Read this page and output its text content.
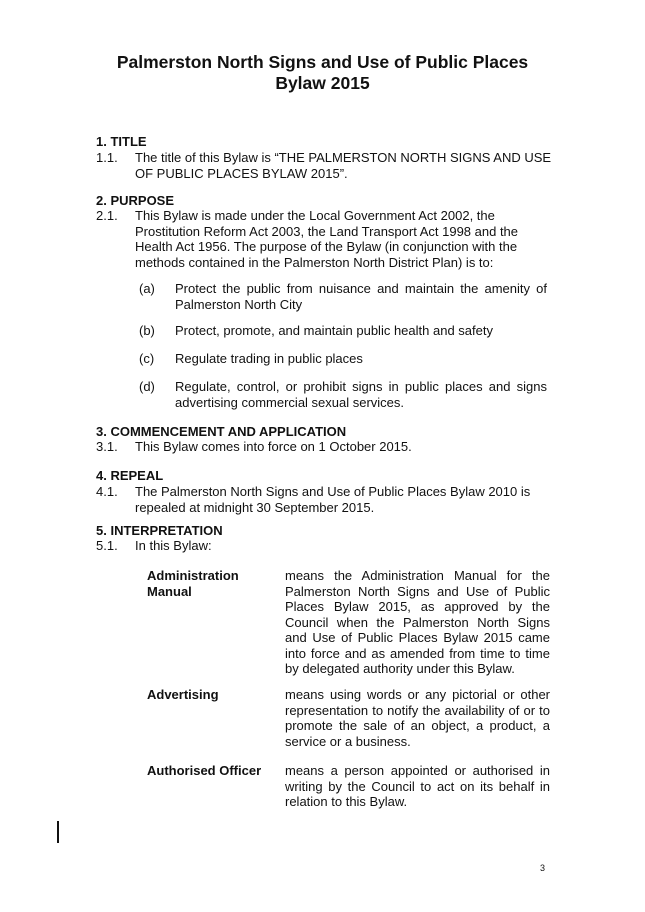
Palmerston North Signs and Use of Public Places
Bylaw 2015
1. TITLE
1.1. The title of this Bylaw is “THE PALMERSTON NORTH SIGNS AND USE
OF PUBLIC PLACES BYLAW 2015”.
2. PURPOSE
2.1. This Bylaw is made under the Local Government Act 2002, the
Prostitution Reform Act 2003, the Land Transport Act 1998 and the
Health Act 1956. The purpose of the Bylaw (in conjunction with the
methods contained in the Palmerston North District Plan) is to:
(a) Protect the public from nuisance and maintain the amenity of Palmerston North City
(b) Protect, promote, and maintain public health and safety
(c) Regulate trading in public places
(d) Regulate, control, or prohibit signs in public places and signs advertising commercial sexual services.
3. COMMENCEMENT AND APPLICATION
3.1. This Bylaw comes into force on 1 October 2015.
4. REPEAL
4.1. The Palmerston North Signs and Use of Public Places Bylaw 2010 is
repealed at midnight 30 September 2015.
5. INTERPRETATION
5.1. In this Bylaw:
Administration Manual
means the Administration Manual for the Palmerston North Signs and Use of Public Places Bylaw 2015, as approved by the Council when the Palmerston North Signs and Use of Public Places Bylaw 2015 came into force and as amended from time to time by delegated authority under this Bylaw.
Advertising	means using words or any pictorial or other representation to notify the availability of or to promote the sale of an object, a product, a service or a business.
Authorised Officer	means a person appointed or authorised in writing by the Council to act on its behalf in relation to this Bylaw.
3
